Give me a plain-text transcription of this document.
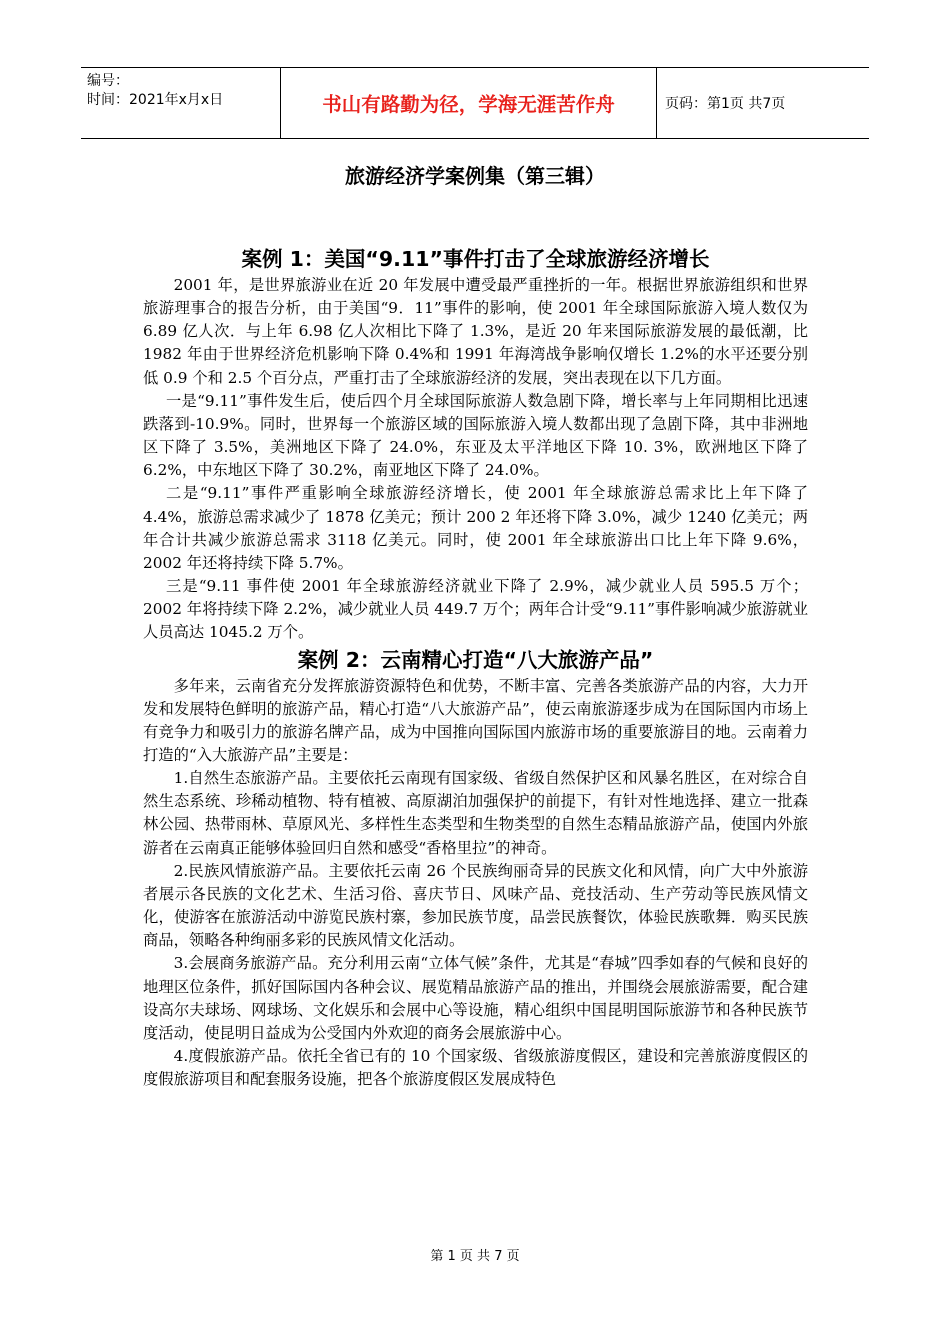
编号：
时间：2021年x月x日	书山有路勤为径，学海无涯苦作舟	页码：第1页 共7页
旅游经济学案例集（第三辑）
案例 1：美国“9.11”事件打击了全球旅游经济增长

2001 年，是世界旅游业在近 20 年发展中遭受最严重挫折的一年。根据世界旅游组织和世界旅游理事合的报告分析，由于美国“9．11”事件的影响，使 2001 年全球国际旅游入境人数仅为 6.89 亿人次．与上年 6.98 亿人次相比下降了 1.3%，是近 20 年来国际旅游发展的最低潮，比 1982 年由于世界经济危机影响下降 0.4%和 1991 年海湾战争影响仅增长 1.2%的水平还要分别低 0.9 个和 2.5 个百分点，严重打击了全球旅游经济的发展，突出表现在以下几方面。

一是“9.11”事件发生后，使后四个月全球国际旅游人数急剧下降，增长率与上年同期相比迅速跌落到-10.9%。同时，世界每一个旅游区域的国际旅游入境人数都出现了急剧下降，其中非洲地区下降了 3.5%，美洲地区下降了 24.0%，东亚及太平洋地区下降 10. 3%，欧洲地区下降了 6.2%，中东地区下降了 30.2%，南亚地区下降了 24.0%。

二是“9.11”事件严重影响全球旅游经济增长，使 2001 年全球旅游总需求比上年下降了 4.4%，旅游总需求减少了 1878 亿美元；预计 200 2 年还将下降 3.0%，减少 1240 亿美元；两年合计共减少旅游总需求 3118 亿美元。同时，使 2001 年全球旅游出口比上年下降 9.6%，2002 年还将持续下降 5.7%。

三是“9.11 事件使 2001 年全球旅游经济就业下降了 2.9%，减少就业人员 595.5 万个；2002 年将持续下降 2.2%，减少就业人员 449.7 万个；两年合计受“9.11”事件影响减少旅游就业人员高达 1045.2 万个。

案例 2：云南精心打造“八大旅游产品”

多年来，云南省充分发挥旅游资源特色和优势，不断丰富、完善各类旅游产品的内容，大力开发和发展特色鲜明的旅游产品，精心打造“八大旅游产品”，使云南旅游逐步成为在国际国内市场上有竞争力和吸引力的旅游名牌产品，成为中国推向国际国内旅游市场的重要旅游目的地。云南着力打造的“入大旅游产品”主要是：

1.自然生态旅游产品。主要依托云南现有国家级、省级自然保护区和风暴名胜区，在对综合自然生态系统、珍稀动植物、特有植被、高原湖泊加强保护的前提下，有针对性地选择、建立一批森林公园、热带雨林、草原风光、多样性生态类型和生物类型的自然生态精品旅游产品，使国内外旅游者在云南真正能够体验回归自然和感受“香格里拉”的神奇。

2.民族风情旅游产品。主要依托云南 26 个民族绚丽奇异的民族文化和风情，向广大中外旅游者展示各民族的文化艺术、生活习俗、喜庆节日、风味产品、竞技活动、生产劳动等民族风情文化，使游客在旅游活动中游览民族村寨，参加民族节度，品尝民族餐饮，体验民族歌舞．购买民族商品，领略各种绚丽多彩的民族风情文化活动。

3.会展商务旅游产品。充分利用云南“立体气候”条件，尤其是“春城”四季如春的气候和良好的地理区位条件，抓好国际国内各种会议、展览精品旅游产品的推出，并围绕会展旅游需要，配合建设高尔夫球场、网球场、文化娱乐和会展中心等设施，精心组织中国昆明国际旅游节和各种民族节度活动，使昆明日益成为公受国内外欢迎的商务会展旅游中心。

4.度假旅游产品。依托全省已有的 10 个国家级、省级旅游度假区，建设和完善旅游度假区的度假旅游项目和配套服务设施，把各个旅游度假区发展成特色

第 1 页 共 7 页
